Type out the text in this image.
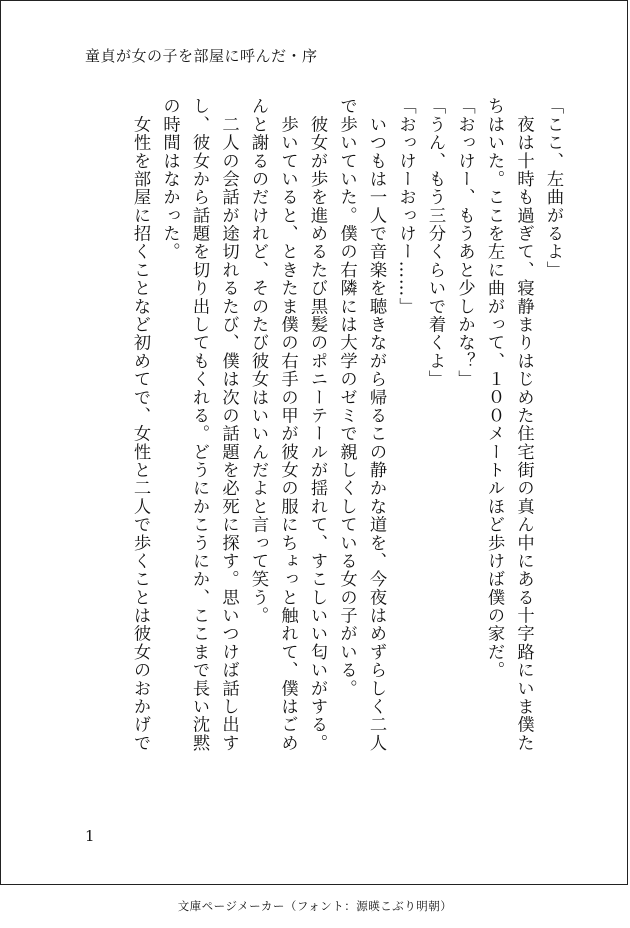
童貞が女の子を部屋に呼んだ・序

「ここ、左曲がるよ」

　夜は十時も過ぎて、寝静まりはじめた住宅街の真ん中にある十字路にいま僕た

ちはいた。ここを左に曲がって、１００メートルほど歩けば僕の家だ。

「おっけー、もうあと少しかな？」

「うん、もう三分くらいで着くよ」

「おっけーおっけー……」

　いつもは一人で音楽を聴きながら帰るこの静かな道を、今夜はめずらしく二人

で歩いていた。僕の右隣には大学のゼミで親しくしている女の子がいる。

　彼女が歩を進めるたび黒髪のポニーテールが揺れて、すこしいい匂いがする。

　歩いていると、ときたま僕の右手の甲が彼女の服にちょっと触れて、僕はごめ

んと謝るのだけれど、そのたび彼女はいいんだよと言って笑う。

　二人の会話が途切れるたび、僕は次の話題を必死に探す。思いつけば話し出す

し、彼女から話題を切り出してもくれる。どうにかこうにか、ここまで長い沈黙

の時間はなかった。

　女性を部屋に招くことなど初めてで、女性と二人で歩くことは彼女のおかげで

1
文庫ページメーカー（フォント：源暎こぶり明朝）
